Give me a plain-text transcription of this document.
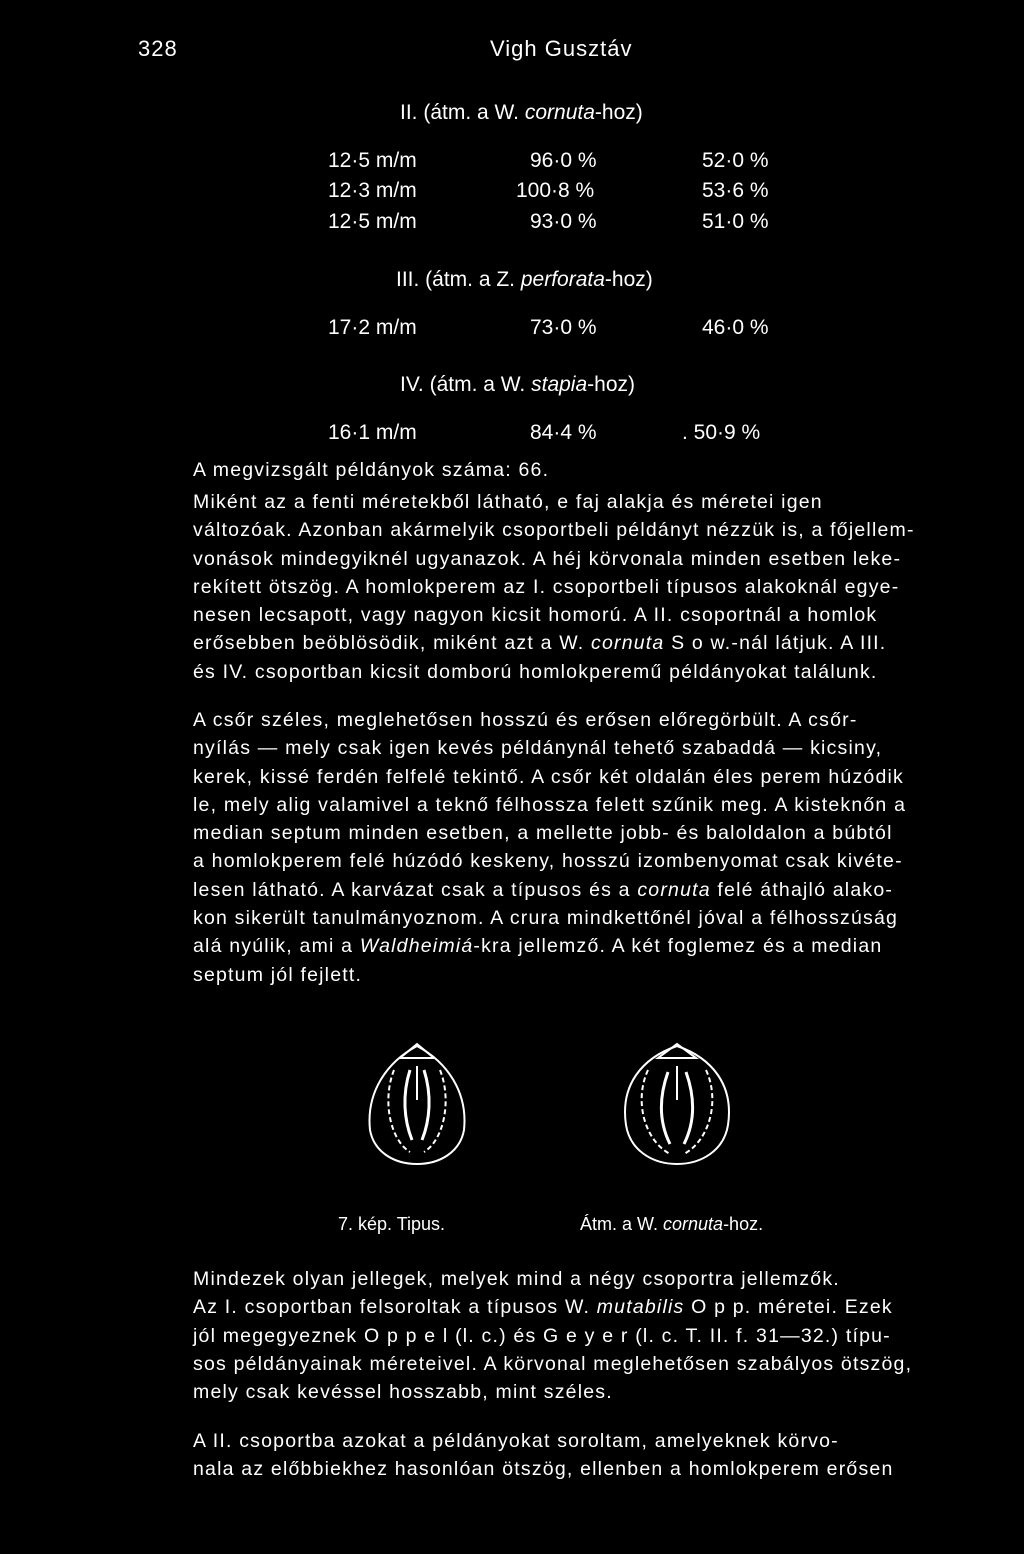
328	Vigh Gusztáv
II. (átm. a W. cornuta-hoz)
12·5 m/m	96·0 %	52·0 %
12·3 m/m	100·8 %	53·6 %
12·5 m/m	93·0 %	51·0 %
III. (átm. a Z. perforata-hoz)
17·2 m/m	73·0 %	46·0 %
IV. (átm. a W. stapia-hoz)
16·1 m/m	84·4 %	. 50·9 %
A megvizsgált példányok száma: 66.

Miként az a fenti méretekből látható, e faj alakja és méretei igen
változóak. Azonban akármelyik csoportbeli példányt nézzük is, a főjellem-
vonások mindegyiknél ugyanazok. A héj körvonala minden esetben leke-
rekített ötszög. A homlokperem az I. csoportbeli típusos alakoknál egye-
nesen lecsapott, vagy nagyon kicsit homorú. A II. csoportnál a homlok
erősebben beöblösödik, miként azt a W. cornuta S o w.-nál látjuk. A III.
és IV. csoportban kicsit domború homlokperemű példányokat találunk.

A csőr széles, meglehetősen hosszú és erősen előregörbült. A csőr-
nyílás — mely csak igen kevés példánynál tehető szabaddá — kicsiny,
kerek, kissé ferdén felfelé tekintő. A csőr két oldalán éles perem húzódik
le, mely alig valamivel a teknő félhossza felett szűnik meg. A kisteknőn a
median septum minden esetben, a mellette jobb- és baloldalon a búbtól
a homlokperem felé húzódó keskeny, hosszú izombenyomat csak kivéte-
lesen látható. A karvázat csak a típusos és a cornuta felé áthajló alako-
kon sikerült tanulmányoznom. A crura mindkettőnél jóval a félhosszúság
alá nyúlik, ami a Waldheimiá-kra jellemző. A két foglemez és a median
septum jól fejlett.

7. kép. Tipus.	Átm. a W. cornuta-hoz.

Mindezek olyan jellegek, melyek mind a négy csoportra jellemzők.
Az I. csoportban felsoroltak a típusos W. mutabilis O p p. méretei. Ezek
jól megegyeznek O p p e l (l. c.) és G e y e r (l. c. T. II. f. 31—32.) típu-
sos példányainak méreteivel. A körvonal meglehetősen szabályos ötszög,
mely csak kevéssel hosszabb, mint széles.

A II. csoportba azokat a példányokat soroltam, amelyeknek körvo-
nala az előbbiekhez hasonlóan ötszög, ellenben a homlokperem erősen
